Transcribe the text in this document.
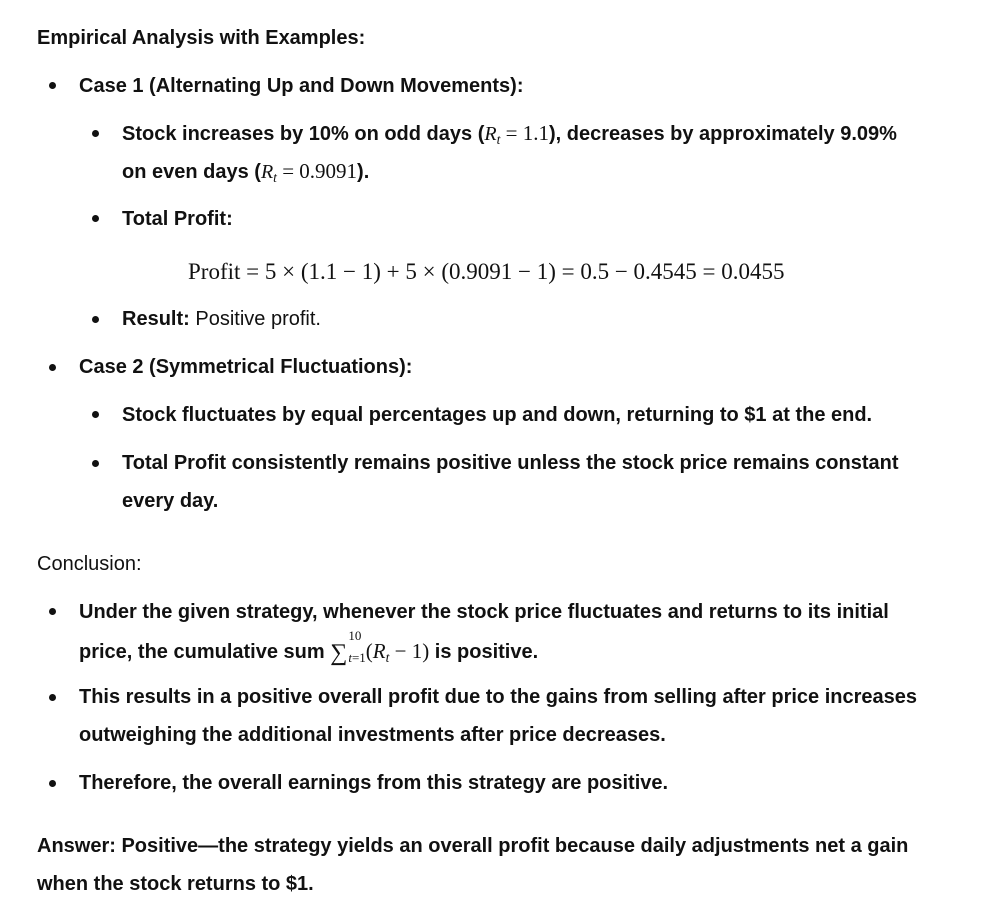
Empirical Analysis with Examples:
Case 1 (Alternating Up and Down Movements):
Stock increases by 10% on odd days $(R_t = 1.1)$, decreases by approximately 9.09%
on even days $(R_t = 0.9091)$.
Total Profit:
Profit = 5 × (1.1 − 1) + 5 × (0.9091 − 1) = 0.5 − 0.4545 = 0.0455
Result: Positive profit.
Case 2 (Symmetrical Fluctuations):
Stock fluctuates by equal percentages up and down, returning to $1 at the end.
Total Profit consistently remains positive unless the stock price remains constant
every day.
Conclusion:
Under the given strategy, whenever the stock price fluctuates and returns to its initial
price, the cumulative sum ∑
10
$t=1(R_t - 1)$ is positive.
This results in a positive overall profit due to the gains from selling after price increases
outweighing the additional investments after price decreases.
Therefore, the overall earnings from this strategy are positive.
Answer: Positive—the strategy yields an overall profit because daily adjustments net a gain
when the stock returns to $1.
